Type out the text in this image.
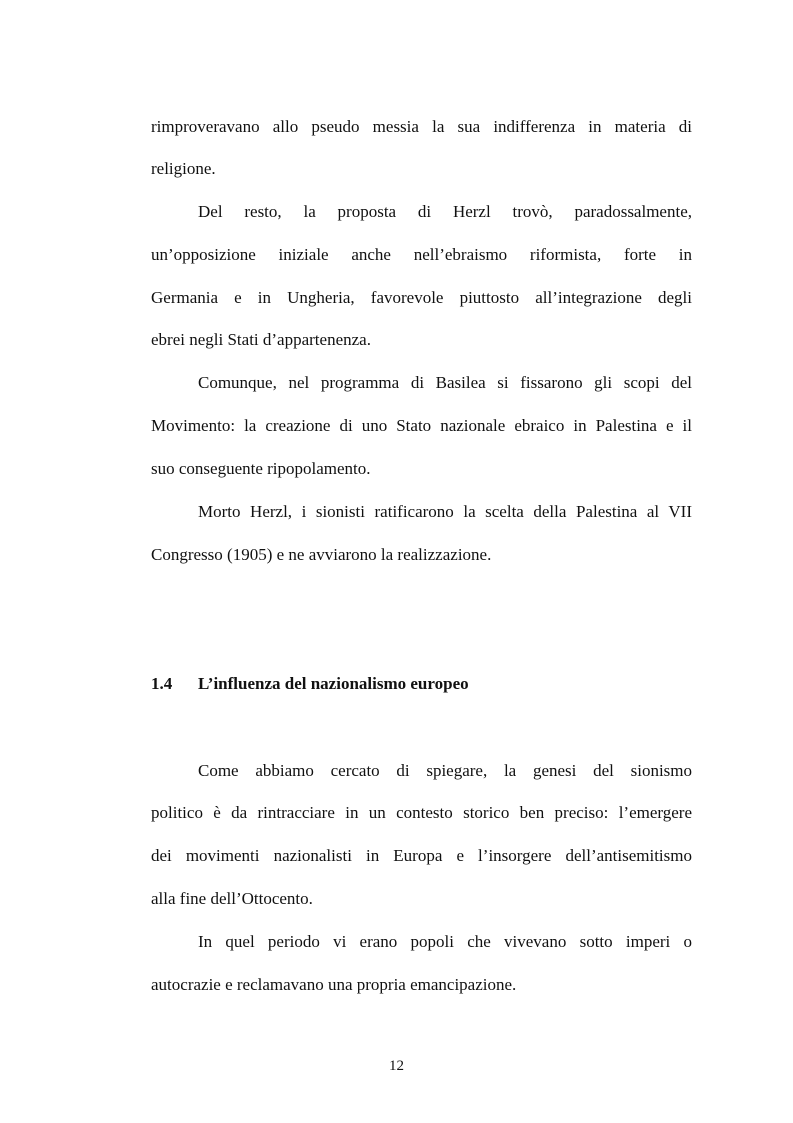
rimproveravano allo pseudo messia la sua indifferenza in materia di
religione.
Del resto, la proposta di Herzl trovò, paradossalmente,
un’opposizione iniziale anche nell’ebraismo riformista, forte in
Germania e in Ungheria, favorevole piuttosto all’integrazione degli
ebrei negli Stati d’appartenenza.
Comunque, nel programma di Basilea si fissarono gli scopi del
Movimento: la creazione di uno Stato nazionale ebraico in Palestina e il
suo conseguente ripopolamento.
Morto Herzl, i sionisti ratificarono la scelta della Palestina al VII
Congresso (1905) e ne avviarono la realizzazione.
1.4 L’influenza del nazionalismo europeo
Come abbiamo cercato di spiegare, la genesi del sionismo
politico è da rintracciare in un contesto storico ben preciso: l’emergere
dei movimenti nazionalisti in Europa e l’insorgere dell’antisemitismo
alla fine dell’Ottocento.
In quel periodo vi erano popoli che vivevano sotto imperi o
autocrazie e reclamavano una propria emancipazione.
12
